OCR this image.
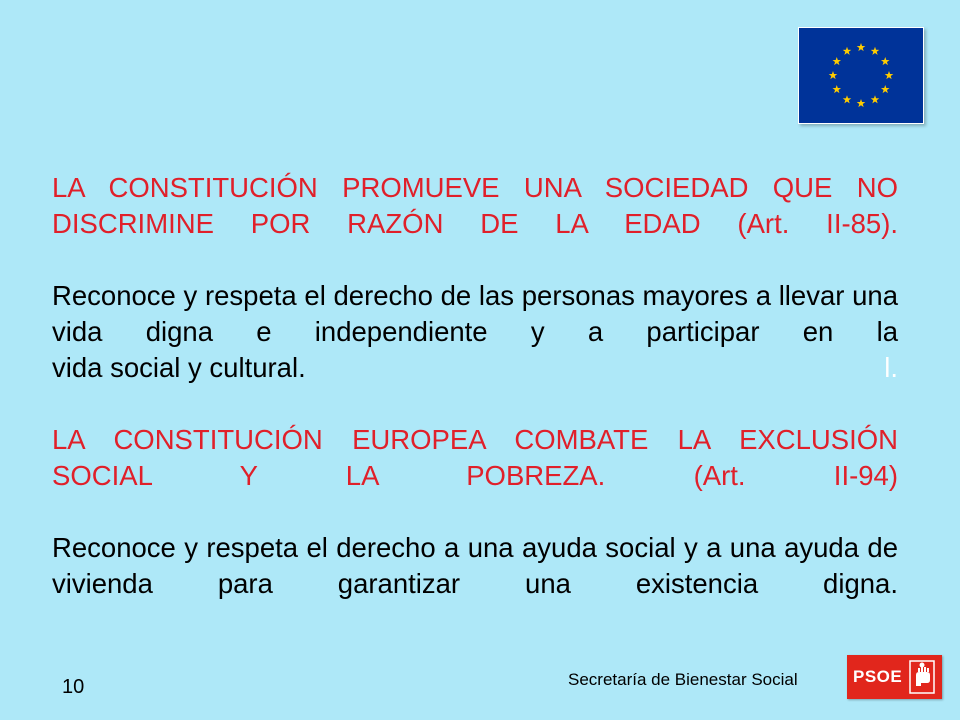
LA CONSTITUCIÓN PROMUEVE UNA SOCIEDAD QUE NO DISCRIMINE POR RAZÓN DE LA EDAD (Art. II-85).

Reconoce y respeta el derecho de las personas mayores a llevar una vida digna e independiente y a participar en la

vida social y cultural.	l.

LA CONSTITUCIÓN EUROPEA COMBATE LA EXCLUSIÓN SOCIAL Y LA POBREZA. (Art. II-94)

Reconoce y respeta el derecho a una ayuda social y a una ayuda de vivienda para garantizar una existencia digna.

10	Secretaría de Bienestar Social	PSOE
